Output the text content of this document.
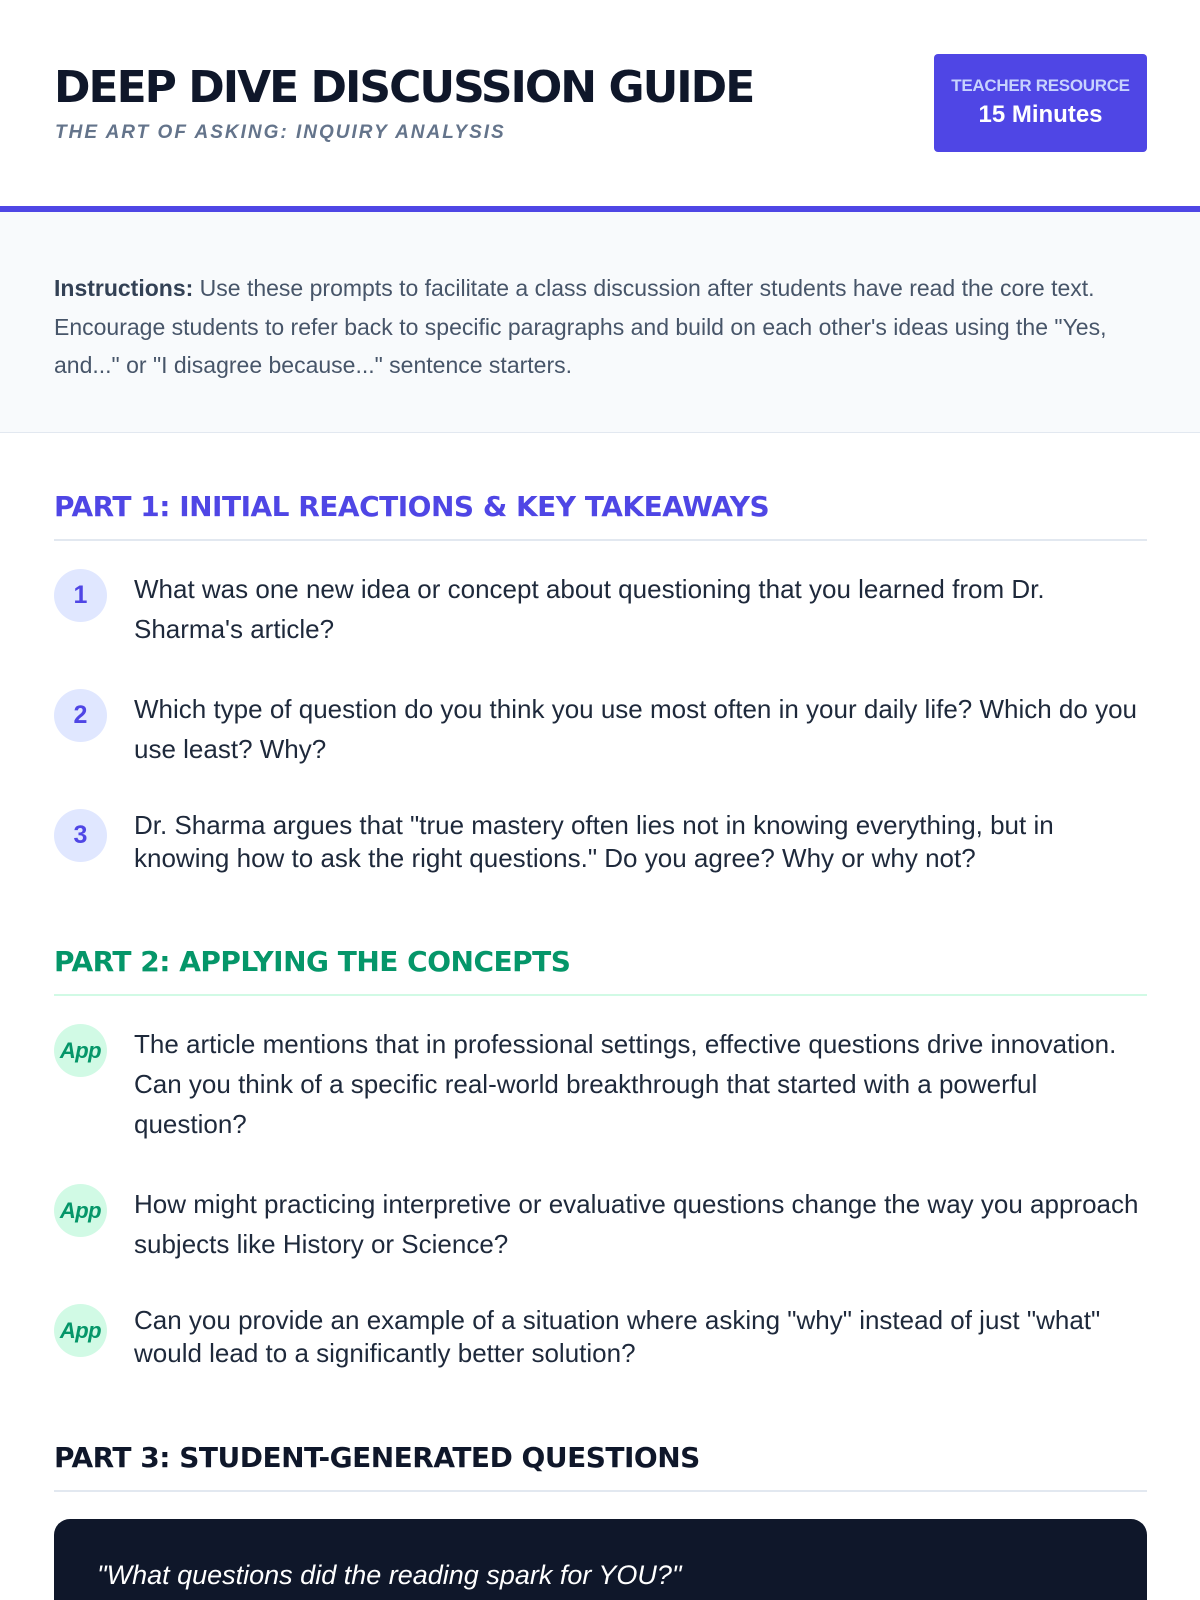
DEEP DIVE DISCUSSION GUIDE
THE ART OF ASKING: INQUIRY ANALYSIS
TEACHER RESOURCE
15 Minutes

Instructions: Use these prompts to facilitate a class discussion after students have read the core text. Encourage students to refer back to specific paragraphs and build on each other's ideas using the "Yes, and..." or "I disagree because..." sentence starters.

PART 1: INITIAL REACTIONS & KEY TAKEAWAYS
1	What was one new idea or concept about questioning that you learned from Dr. Sharma's article?
2	Which type of question do you think you use most often in your daily life? Which do you use least? Why?
3	Dr. Sharma argues that "true mastery often lies not in knowing everything, but in knowing how to ask the right questions." Do you agree? Why or why not?
PART 2: APPLYING THE CONCEPTS
App The article mentions that in professional settings, effective questions drive innovation. Can you think of a specific real-world breakthrough that started with a powerful question?
App How might practicing interpretive or evaluative questions change the way you approach subjects like History or Science?
App Can you provide an example of a situation where asking "why" instead of just "what" would lead to a significantly better solution?
PART 3: STUDENT-GENERATED QUESTIONS
"What questions did the reading spark for YOU?"
